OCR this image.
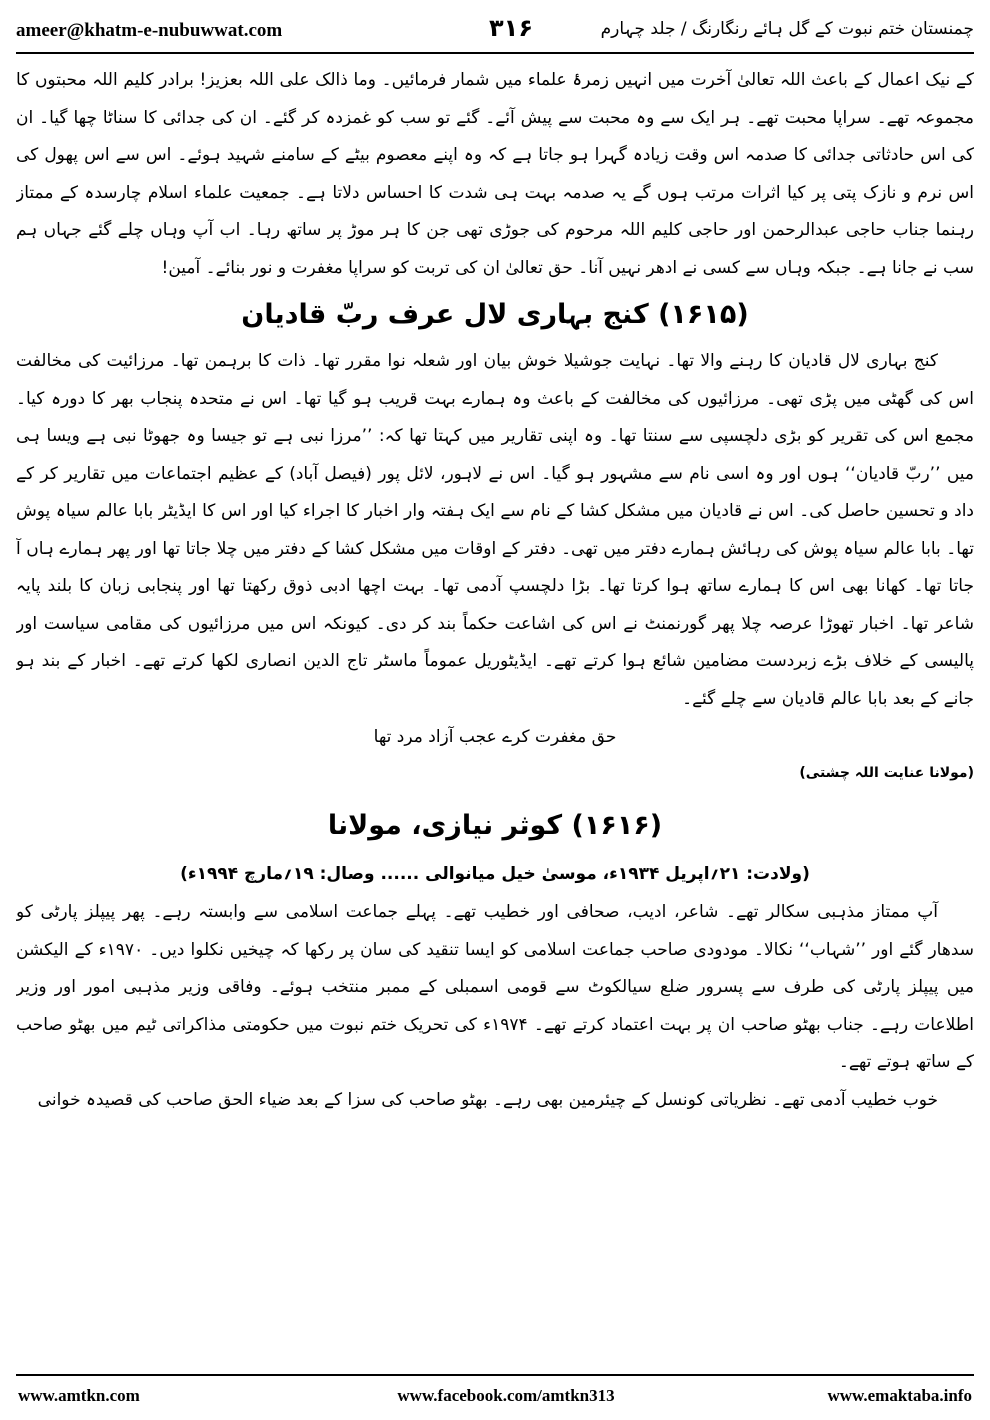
ameer@khatm-e-nubuwwat.com	۳۱۶	چمنستان ختم نبوت کے گل ہائے رنگارنگ / جلد چہارم

کے نیک اعمال کے باعث اللہ تعالیٰ آخرت میں انہیں زمرۂ علماء میں شمار فرمائیں۔ وما ذالک علی اللہ بعزیز! برادر کلیم اللہ محبتوں کا مجموعہ تھے۔ سراپا محبت تھے۔ ہر ایک سے وہ محبت سے پیش آئے۔ گئے تو سب کو غمزدہ کر گئے۔ ان کی جدائی کا سناٹا چھا گیا۔ ان کی اس حادثاتی جدائی کا صدمہ اس وقت زیادہ گہرا ہو جاتا ہے کہ وہ اپنے معصوم بیٹے کے سامنے شہید ہوئے۔ اس سے اس پھول کی اس نرم و نازک پتی پر کیا اثرات مرتب ہوں گے یہ صدمہ بہت ہی شدت کا احساس دلاتا ہے۔ جمعیت علماء اسلام چارسدہ کے ممتاز رہنما جناب حاجی عبدالرحمن اور حاجی کلیم اللہ مرحوم کی جوڑی تھی جن کا ہر موڑ پر ساتھ رہا۔ اب آپ وہاں چلے گئے جہاں ہم سب نے جانا ہے۔ جبکہ وہاں سے کسی نے ادھر نہیں آنا۔ حق تعالیٰ ان کی تربت کو سراپا مغفرت و نور بنائے۔ آمین!

(۱۶۱۵) کنج بہاری لال عرف ربّ قادیان

کنج بہاری لال قادیان کا رہنے والا تھا۔ نہایت جوشیلا خوش بیان اور شعلہ نوا مقرر تھا۔ ذات کا برہمن تھا۔ مرزائیت کی مخالفت اس کی گھٹی میں پڑی تھی۔ مرزائیوں کی مخالفت کے باعث وہ ہمارے بہت قریب ہو گیا تھا۔ اس نے متحدہ پنجاب بھر کا دورہ کیا۔ مجمع اس کی تقریر کو بڑی دلچسپی سے سنتا تھا۔ وہ اپنی تقاریر میں کہتا تھا کہ: ’’مرزا نبی ہے تو جیسا وہ جھوٹا نبی ہے ویسا ہی میں ’’ربّ قادیان‘‘ ہوں اور وہ اسی نام سے مشہور ہو گیا۔ اس نے لاہور، لائل پور (فیصل آباد) کے عظیم اجتماعات میں تقاریر کر کے داد و تحسین حاصل کی۔ اس نے قادیان میں مشکل کشا کے نام سے ایک ہفتہ وار اخبار کا اجراء کیا اور اس کا ایڈیٹر بابا عالم سیاہ پوش تھا۔ بابا عالم سیاہ پوش کی رہائش ہمارے دفتر میں تھی۔ دفتر کے اوقات میں مشکل کشا کے دفتر میں چلا جاتا تھا اور پھر ہمارے ہاں آ جاتا تھا۔ کھانا بھی اس کا ہمارے ساتھ ہوا کرتا تھا۔ بڑا دلچسپ آدمی تھا۔ بہت اچھا ادبی ذوق رکھتا تھا اور پنجابی زبان کا بلند پایہ شاعر تھا۔ اخبار تھوڑا عرصہ چلا پھر گورنمنٹ نے اس کی اشاعت حکماً بند کر دی۔ کیونکہ اس میں مرزائیوں کی مقامی سیاست اور پالیسی کے خلاف بڑے زبردست مضامین شائع ہوا کرتے تھے۔ ایڈیٹوریل عموماً ماسٹر تاج الدین انصاری لکھا کرتے تھے۔ اخبار کے بند ہو جانے کے بعد بابا عالم قادیان سے چلے گئے۔

حق مغفرت کرے عجب آزاد مرد تھا

(مولانا عنایت اللہ چشتی)

(۱۶۱۶) کوثر نیازی، مولانا

(ولادت: ۲۱؍اپریل ۱۹۳۴ء، موسیٰ خیل میانوالی ...... وصال: ۱۹؍مارچ ۱۹۹۴ء)

آپ ممتاز مذہبی سکالر تھے۔ شاعر، ادیب، صحافی اور خطیب تھے۔ پہلے جماعت اسلامی سے وابستہ رہے۔ پھر پیپلز پارٹی کو سدھار گئے اور ’’شہاب‘‘ نکالا۔ مودودی صاحب جماعت اسلامی کو ایسا تنقید کی سان پر رکھا کہ چیخیں نکلوا دیں۔ ۱۹۷۰ء کے الیکشن میں پیپلز پارٹی کی طرف سے پسرور ضلع سیالکوٹ سے قومی اسمبلی کے ممبر منتخب ہوئے۔ وفاقی وزیر مذہبی امور اور وزیر اطلاعات رہے۔ جناب بھٹو صاحب ان پر بہت اعتماد کرتے تھے۔ ۱۹۷۴ء کی تحریک ختم نبوت میں حکومتی مذاکراتی ٹیم میں بھٹو صاحب کے ساتھ ہوتے تھے۔

خوب خطیب آدمی تھے۔ نظریاتی کونسل کے چیئرمین بھی رہے۔ بھٹو صاحب کی سزا کے بعد ضیاء الحق صاحب کی قصیدہ خوانی

www.amtkn.com	www.facebook.com/amtkn313	www.emaktaba.info
